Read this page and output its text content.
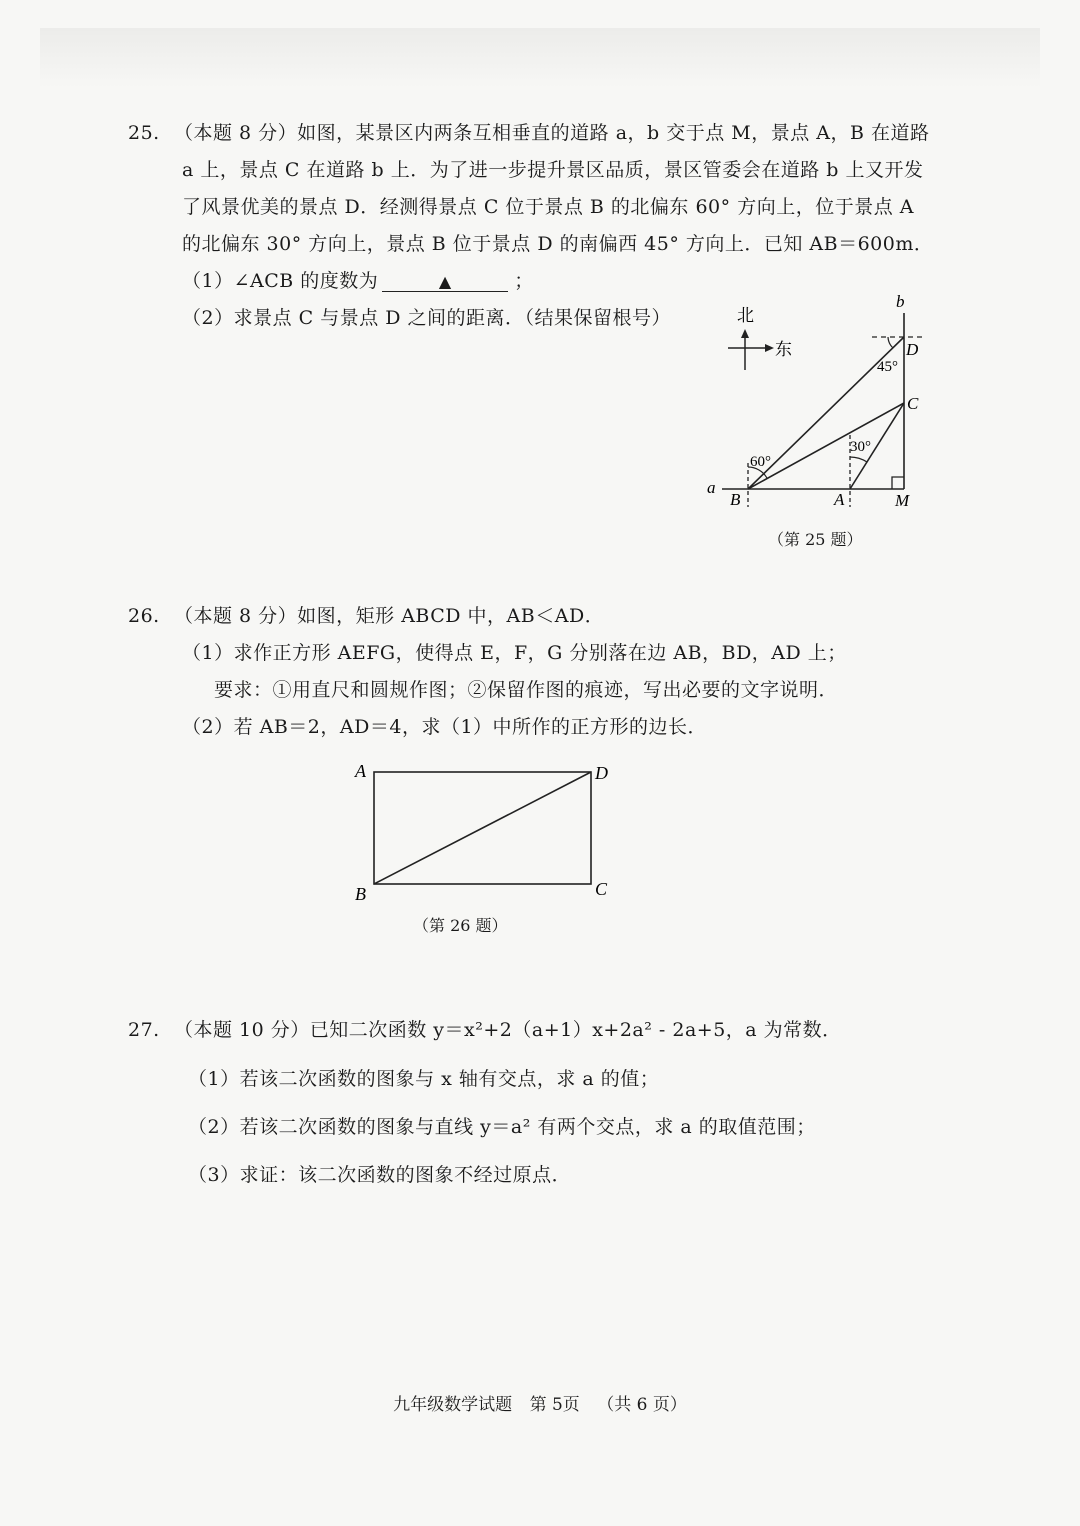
25. （本题 8 分）如图，某景区内两条互相垂直的道路 a，b 交于点 M，景点 A，B 在道路
a 上，景点 C 在道路 b 上．为了进一步提升景区品质，景区管委会在道路 b 上又开发
了风景优美的景点 D．经测得景点 C 位于景点 B 的北偏东 60° 方向上，位于景点 A
的北偏东 30° 方向上，景点 B 位于景点 D 的南偏西 45° 方向上．已知 AB＝600m．
（1）∠ACB 的度数为	▲	；
（2）求景点 C 与景点 D 之间的距离．（结果保留根号）	北
东
b
a
B	A	M
C
D
60°
30°
45°
（第 25 题）
26. （本题 8 分）如图，矩形 ABCD 中，AB＜AD．
（1）求作正方形 AEFG，使得点 E，F，G 分别落在边 AB，BD，AD 上；
要求：①用直尺和圆规作图；②保留作图的痕迹，写出必要的文字说明．
（2）若 AB＝2，AD＝4，求（1）中所作的正方形的边长．
A	D
B	C
（第 26 题）
27. （本题 10 分）已知二次函数 y＝x²+2（a+1）x+2a² - 2a+5，a 为常数．
（1）若该二次函数的图象与 x 轴有交点，求 a 的值；
（2）若该二次函数的图象与直线 y＝a² 有两个交点，求 a 的取值范围；
（3）求证：该二次函数的图象不经过原点．
九年级数学试题 第 5页 （共 6 页）
